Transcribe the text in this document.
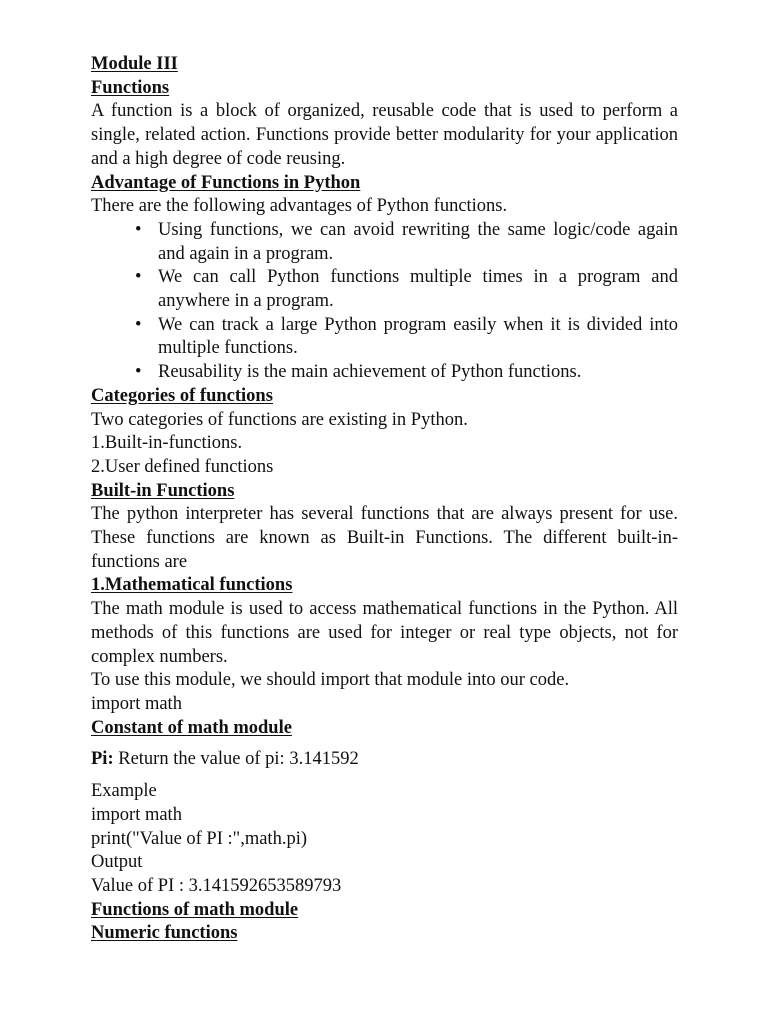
Module III
Functions

A function is a block of organized, reusable code that is used to perform a single, related action. Functions provide better modularity for your application and a high degree of code reusing.

Advantage of Functions in Python

There are the following advantages of Python functions.

• Using functions, we can avoid rewriting the same logic/code again and again in a program.
• We can call Python functions multiple times in a program and anywhere in a program.
• We can track a large Python program easily when it is divided into multiple functions.
• Reusability is the main achievement of Python functions.
Categories of functions

Two categories of functions are existing in Python.

1.Built-in-functions.

2.User defined functions

Built-in Functions

The python interpreter has several functions that are always present for use. These functions are known as Built-in Functions. The different built-in-functions are

1.Mathematical functions

The math module is used to access mathematical functions in the Python. All methods of this functions are used for integer or real type objects, not for complex numbers.

To use this module, we should import that module into our code.

import math

Constant of math module

Pi: Return the value of pi: 3.141592

Example

import math

print("Value of PI :",math.pi)

Output

Value of PI : 3.141592653589793

Functions of math module
Numeric functions
